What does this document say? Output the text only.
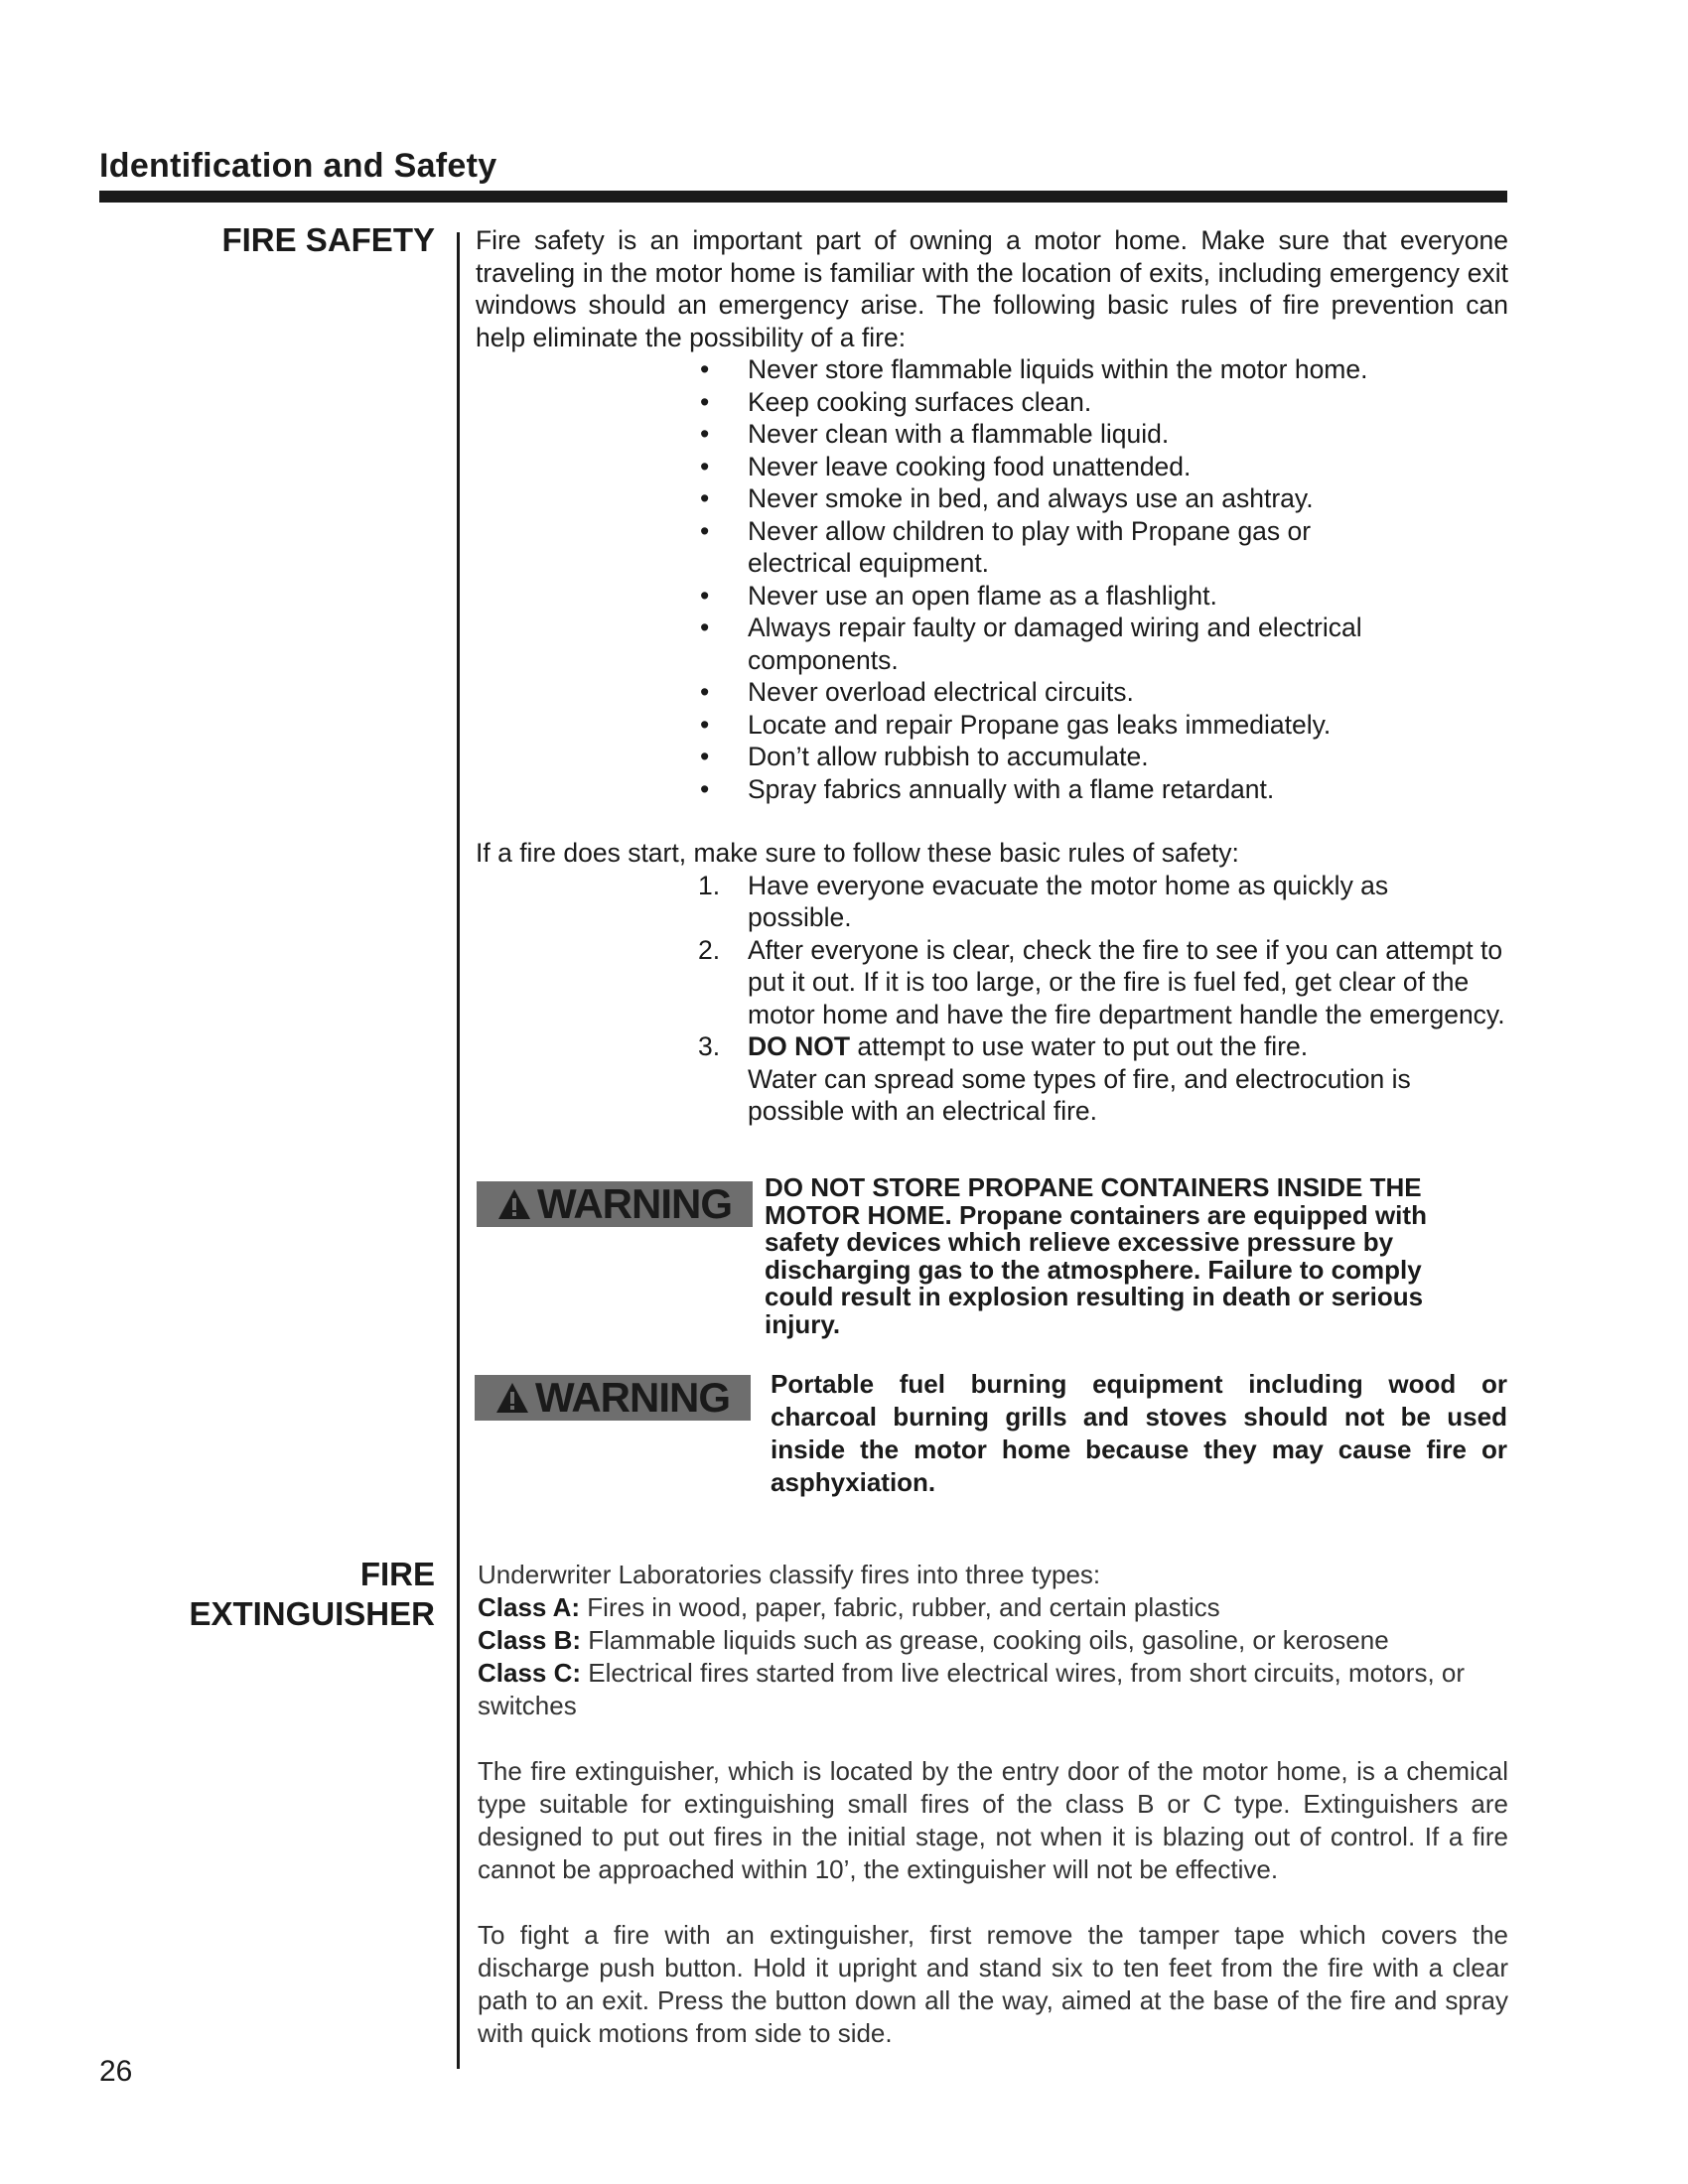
Identification and Safety
FIRE SAFETY Fire safety is an important part of owning a motor home. Make sure that everyone traveling in the motor home is familiar with the location of exits, including emergency exit windows should an emergency arise. The following basic rules of fire prevention can help eliminate the possibility of a fire:

• Never store flammable liquids within the motor home.
• Keep cooking surfaces clean.
• Never clean with a flammable liquid.
• Never leave cooking food unattended.
• Never smoke in bed, and always use an ashtray.
• Never allow children to play with Propane gas or electrical equipment.
• Never use an open flame as a flashlight.
• Always repair faulty or damaged wiring and electrical components.
• Never overload electrical circuits.
• Locate and repair Propane gas leaks immediately.
• Don’t allow rubbish to accumulate.
• Spray fabrics annually with a flame retardant.

If a fire does start, make sure to follow these basic rules of safety:

1. Have everyone evacuate the motor home as quickly as possible.
2. After everyone is clear, check the fire to see if you can attempt to put it out. If it is too large, or the fire is fuel fed, get clear of the motor home and have the fire department handle the emergency.
3. DO NOT attempt to use water to put out the fire.
Water can spread some types of fire, and electrocution is possible with an electrical fire.
WARNING DO NOT STORE PROPANE CONTAINERS INSIDE THE MOTOR HOME. Propane containers are equipped with safety devices which relieve excessive pressure by discharging gas to the atmosphere. Failure to comply could result in explosion resulting in death or serious injury.
WARNING Portable fuel burning equipment including wood or charcoal burning grills and stoves should not be used inside the motor home because they may cause fire or asphyxiation.
FIRE
EXTINGUISHER

Underwriter Laboratories classify fires into three types:

Class A: Fires in wood, paper, fabric, rubber, and certain plastics

Class B: Flammable liquids such as grease, cooking oils, gasoline, or kerosene

Class C: Electrical fires started from live electrical wires, from short circuits, motors, or switches

The fire extinguisher, which is located by the entry door of the motor home, is a chemical type suitable for extinguishing small fires of the class B or C type. Extinguishers are designed to put out fires in the initial stage, not when it is blazing out of control. If a fire cannot be approached within 10’, the extinguisher will not be effective.

To fight a fire with an extinguisher, first remove the tamper tape which covers the discharge push button. Hold it upright and stand six to ten feet from the fire with a clear path to an exit. Press the button down all the way, aimed at the base of the fire and spray with quick motions from side to side.

26
